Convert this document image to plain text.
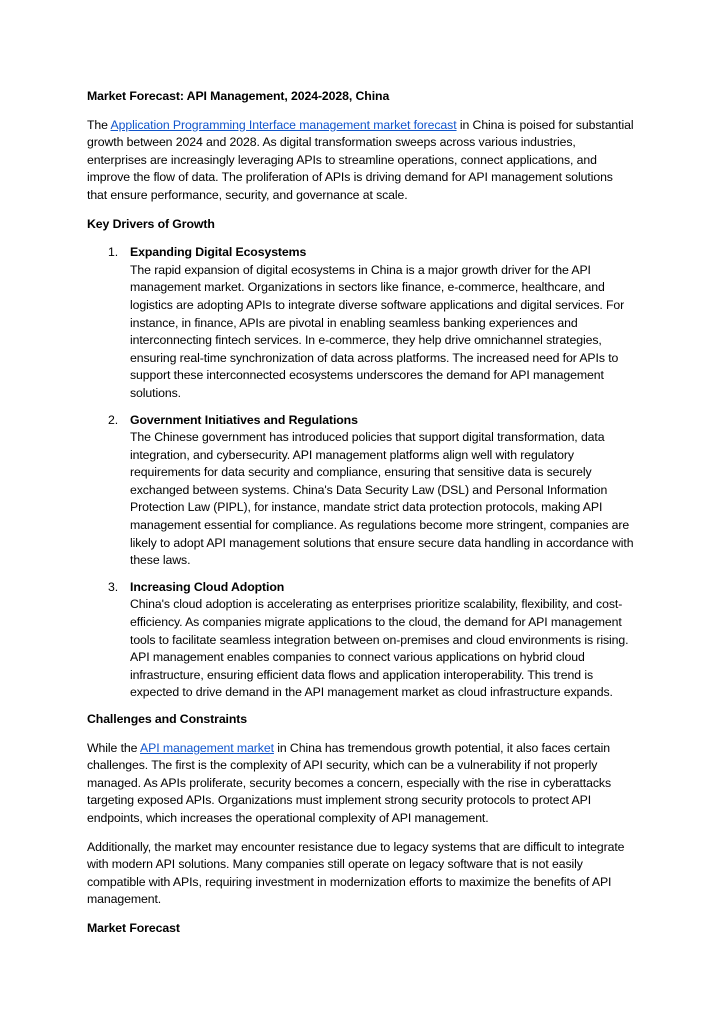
Market Forecast: API Management, 2024-2028, China

The Application Programming Interface management market forecast in China is poised for substantial growth between 2024 and 2028. As digital transformation sweeps across various industries, enterprises are increasingly leveraging APIs to streamline operations, connect applications, and improve the flow of data. The proliferation of APIs is driving demand for API management solutions that ensure performance, security, and governance at scale.

Key Drivers of Growth

1. Expanding Digital Ecosystems
The rapid expansion of digital ecosystems in China is a major growth driver for the API management market. Organizations in sectors like finance, e-commerce, healthcare, and logistics are adopting APIs to integrate diverse software applications and digital services. For instance, in finance, APIs are pivotal in enabling seamless banking experiences and interconnecting fintech services. In e-commerce, they help drive omnichannel strategies, ensuring real-time synchronization of data across platforms. The increased need for APIs to support these interconnected ecosystems underscores the demand for API management solutions.
2. Government Initiatives and Regulations
The Chinese government has introduced policies that support digital transformation, data integration, and cybersecurity. API management platforms align well with regulatory requirements for data security and compliance, ensuring that sensitive data is securely exchanged between systems. China's Data Security Law (DSL) and Personal Information Protection Law (PIPL), for instance, mandate strict data protection protocols, making API management essential for compliance. As regulations become more stringent, companies are likely to adopt API management solutions that ensure secure data handling in accordance with these laws.
3. Increasing Cloud Adoption
China's cloud adoption is accelerating as enterprises prioritize scalability, flexibility, and cost-efficiency. As companies migrate applications to the cloud, the demand for API management tools to facilitate seamless integration between on-premises and cloud environments is rising. API management enables companies to connect various applications on hybrid cloud infrastructure, ensuring efficient data flows and application interoperability. This trend is expected to drive demand in the API management market as cloud infrastructure expands.

Challenges and Constraints

While the API management market in China has tremendous growth potential, it also faces certain challenges. The first is the complexity of API security, which can be a vulnerability if not properly managed. As APIs proliferate, security becomes a concern, especially with the rise in cyberattacks targeting exposed APIs. Organizations must implement strong security protocols to protect API endpoints, which increases the operational complexity of API management.

Additionally, the market may encounter resistance due to legacy systems that are difficult to integrate with modern API solutions. Many companies still operate on legacy software that is not easily compatible with APIs, requiring investment in modernization efforts to maximize the benefits of API management.

Market Forecast
